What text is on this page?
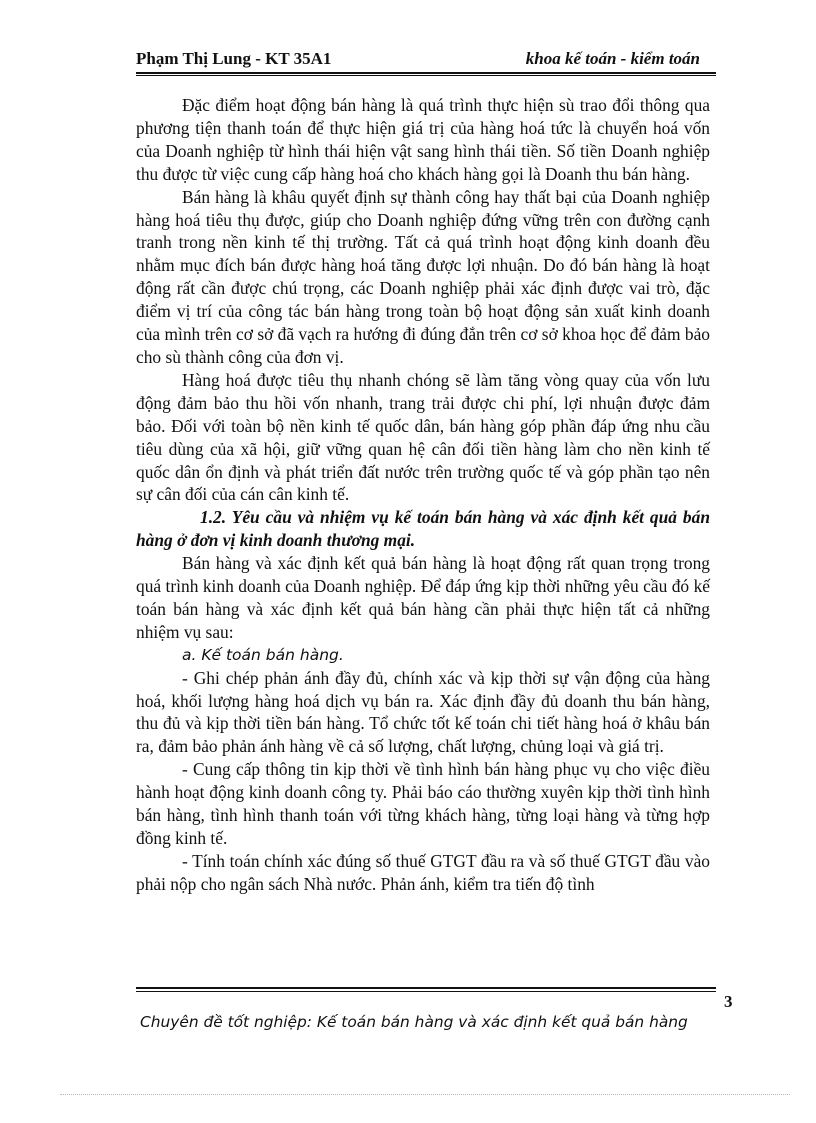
Phạm Thị Lung - KT 35A1	khoa kế toán - kiểm toán

Đặc điểm hoạt động bán hàng là quá trình thực hiện sù trao đổi thông qua phương tiện thanh toán để thực hiện giá trị của hàng hoá tức là chuyển hoá vốn của Doanh nghiệp từ hình thái hiện vật sang hình thái tiền. Số tiền Doanh nghiệp thu được từ việc cung cấp hàng hoá cho khách hàng gọi là Doanh thu bán hàng.

Bán hàng là khâu quyết định sự thành công hay thất bại của Doanh nghiệp hàng hoá tiêu thụ được, giúp cho Doanh nghiệp đứng vững trên con đường cạnh tranh trong nền kinh tế thị trường. Tất cả quá trình hoạt động kinh doanh đều nhằm mục đích bán được hàng hoá tăng được lợi nhuận. Do đó bán hàng là hoạt động rất cần được chú trọng, các Doanh nghiệp phải xác định được vai trò, đặc điểm vị trí của công tác bán hàng trong toàn bộ hoạt động sản xuất kinh doanh của mình trên cơ sở đã vạch ra hướng đi đúng đắn trên cơ sở khoa học để đảm bảo cho sù thành công của đơn vị.

Hàng hoá được tiêu thụ nhanh chóng sẽ làm tăng vòng quay của vốn lưu động đảm bảo thu hồi vốn nhanh, trang trải được chi phí, lợi nhuận được đảm bảo. Đối với toàn bộ nền kinh tế quốc dân, bán hàng góp phần đáp ứng nhu cầu tiêu dùng của xã hội, giữ vững quan hệ cân đối tiền hàng làm cho nền kinh tế quốc dân ổn định và phát triển đất nước trên trường quốc tế và góp phần tạo nên sự cân đối của cán cân kinh tế.

1.2. Yêu cầu và nhiệm vụ kế toán bán hàng và xác định kết quả bán hàng ở đơn vị kinh doanh thương mại.

Bán hàng và xác định kết quả bán hàng là hoạt động rất quan trọng trong quá trình kinh doanh của Doanh nghiệp. Để đáp ứng kịp thời những yêu cầu đó kế toán bán hàng và xác định kết quả bán hàng cần phải thực hiện tất cả những nhiệm vụ sau:

a. Kế toán bán hàng.

- Ghi chép phản ánh đầy đủ, chính xác và kịp thời sự vận động của hàng hoá, khối lượng hàng hoá dịch vụ bán ra. Xác định đầy đủ doanh thu bán hàng, thu đủ và kịp thời tiền bán hàng. Tổ chức tốt kế toán chi tiết hàng hoá ở khâu bán ra, đảm bảo phản ánh hàng về cả số lượng, chất lượng, chủng loại và giá trị.

- Cung cấp thông tin kịp thời về tình hình bán hàng phục vụ cho việc điều hành hoạt động kinh doanh công ty. Phải báo cáo thường xuyên kịp thời tình hình bán hàng, tình hình thanh toán với từng khách hàng, từng loại hàng và từng hợp đồng kinh tế.

- Tính toán chính xác đúng số thuế GTGT đầu ra và số thuế GTGT đầu vào phải nộp cho ngân sách Nhà nước. Phản ánh, kiểm tra tiến độ tình

3
Chuyên đề tốt nghiệp: Kế toán bán hàng và xác định kết quả bán hàng
